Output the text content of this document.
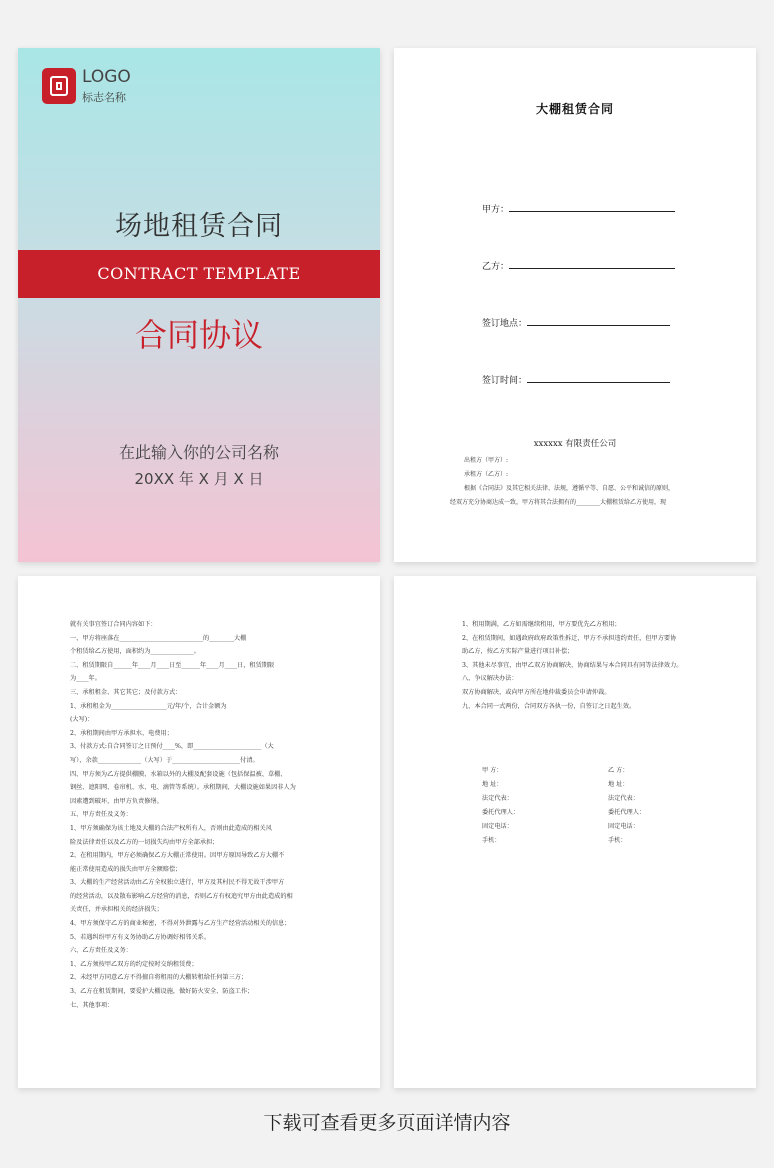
LOGO
标志名称
场地租赁合同
CONTRACT TEMPLATE
合同协议
在此输入你的公司名称
20XX 年 X 月 X 日
大棚租赁合同
甲方：
乙方：
签订地点：
签订时间：
xxxxxx 有限责任公司
出租方（甲方）:
承租方（乙方）:
根据《合同法》及其它相关法律、法规，遵循平等、自愿、公平和诚信的原则，
经双方充分协商达成一致，甲方将其合法拥有的________大棚租赁给乙方使用，现
就有关事宜签订合同内容如下：
一、甲方将座落在___________________________的________大棚
个租赁给乙方使用，面积约为______________。
二、租赁期限自______年____月____日至______年____月____日，租赁期限
为____年。
三、承租租金、其它其它；及付款方式：
1、承租租金为__________________元/年/个，合计金额为
(大写)：
2、承租期间由甲方承担水、电费用；
3、付款方式:自合同签订之日预付____%，即______________________（大
写），余款______________（大写）于______________________付清。
四、甲方须为乙方提供棚膜、水箱以外的大棚及配套设施（包括保温被、草棚、
钢丝、遮阳网、卷帘机、水、电、滴管等系统）。承租期间，大棚设施如果因非人为
因素遭到破坏，由甲方负责修缮。
五、甲方责任及义务：
1、甲方须确保为该土地及大棚的合法产权所有人，否则由此造成的相关风
险及法律责任以及乙方的一切损失均由甲方全部承担；
2、在租用期内，甲方必须确保乙方大棚正常使用。因甲方原因导致乙方大棚不
能正常使用造成的损失由甲方全额赔偿；
3、大棚的生产经营活动由乙方全权独立进行，甲方及其村民不得无故干涉甲方
的经营活动，以及散布影响乙方经营的消息，否则乙方有权追究甲方由此造成的相
关责任，并承担相关的经济损失；
4、甲方须保守乙方的商业秘密，不得对外泄露与乙方生产经营活动相关的信息；
5、若遇纠纷甲方有义务协助乙方协调好相邻关系。
六、乙方责任及义务：
1、乙方须按甲乙双方的约定按时交纳租赁费；
2、未经甲方同意乙方不得擅自将租用的大棚转租给任何第三方；
3、乙方在租赁期间，要爱护大棚设施，做好防火安全、防盗工作；
七、其他事项：
1、租用期满，乙方如需继续租用，甲方要优先乙方租用；
2、在租赁期间，如遇政府政府政策性拆迁，甲方不承担违约责任，但甲方要协
助乙方，按乙方实际产量进行项目补偿；
3、其他未尽事宜，由甲乙双方协商解决，协商结果与本合同具有同等法律效力。
八、争议解决办法：
双方协商解决，或向甲方所在地仲裁委员会申请仲裁。
九、本合同一式两份，合同双方各执一份，自签订之日起生效。
甲 方：
地 址：
法定代表：
委托代理人：
固定电话：
手机：
乙 方：
地 址：
法定代表：
委托代理人：
固定电话：
手机：
下载可查看更多页面详情内容
